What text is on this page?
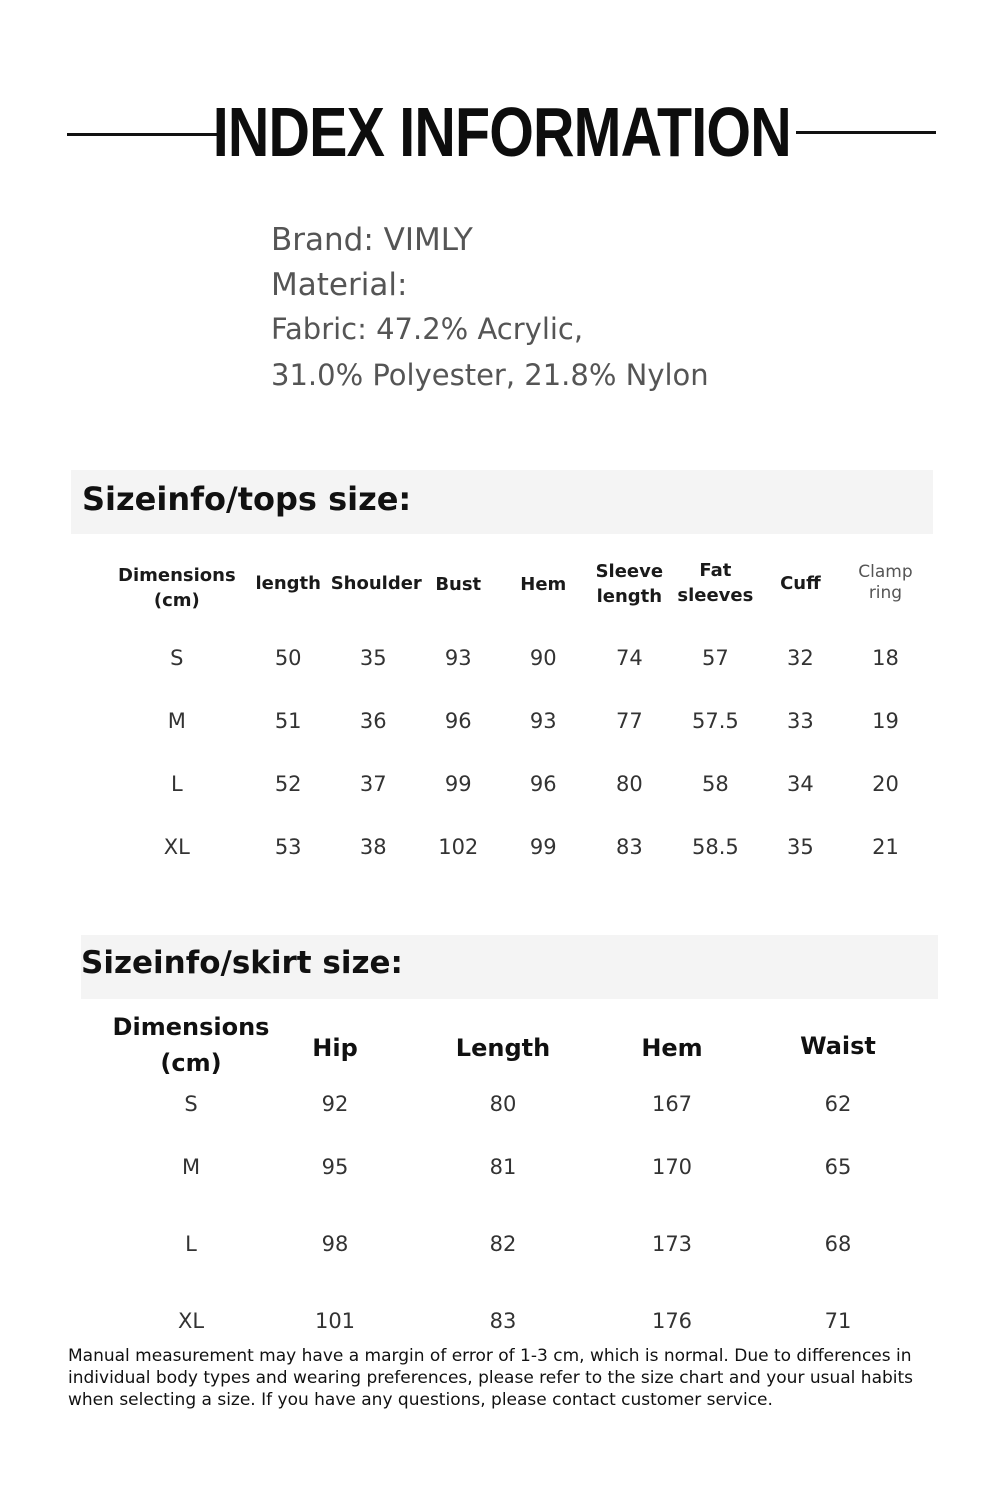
INDEX INFORMATION
Brand: VIMLY
Material:
Fabric: 47.2% Acrylic,
31.0% Polyester, 21.8% Nylon
Sizeinfo/tops size:
Dimensions (cm)	length	Shoulder	Bust	Hem	Sleeve length	Fat sleeves	Cuff	Clamp ring
S	50	35	93	90	74	57	32	18
M	51	36	96	93	77	57.5	33	19
L	52	37	99	96	80	58	34	20
XL	53	38	102	99	83	58.5	35	21
Sizeinfo/skirt size:
Dimensions (cm)	Hip	Length	Hem	Waist
S	92	80	167	62
M	95	81	170	65
L	98	82	173	68
XL	101	83	176	71
Manual measurement may have a margin of error of 1-3 cm, which is normal. Due to differences in individual body types and wearing preferences, please refer to the size chart and your usual habits when selecting a size. If you have any questions, please contact customer service.
